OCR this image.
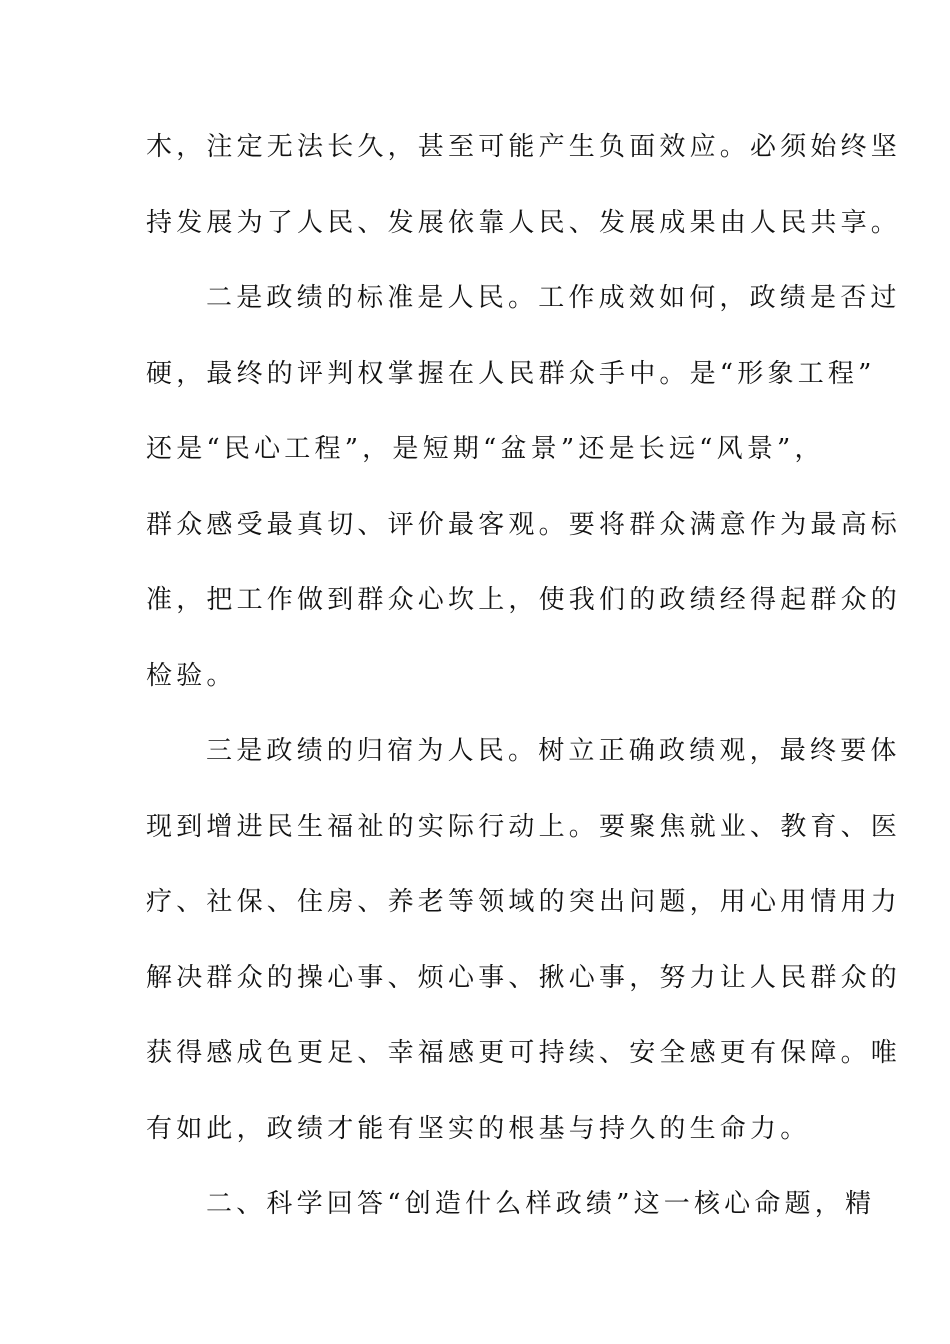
木，注定无法长久，甚至可能产生负面效应。必须始终坚
持发展为了人民、发展依靠人民、发展成果由人民共享。
二是政绩的标准是人民。工作成效如何，政绩是否过
硬，最终的评判权掌握在人民群众手中。是“形象工程”
还是“民心工程”，是短期“盆景”还是长远“风景”，
群众感受最真切、评价最客观。要将群众满意作为最高标
准，把工作做到群众心坎上，使我们的政绩经得起群众的
检验。
三是政绩的归宿为人民。树立正确政绩观，最终要体
现到增进民生福祉的实际行动上。要聚焦就业、教育、医
疗、社保、住房、养老等领域的突出问题，用心用情用力
解决群众的操心事、烦心事、揪心事，努力让人民群众的
获得感成色更足、幸福感更可持续、安全感更有保障。唯
有如此，政绩才能有坚实的根基与持久的生命力。
二、科学回答“创造什么样政绩”这一核心命题，精
